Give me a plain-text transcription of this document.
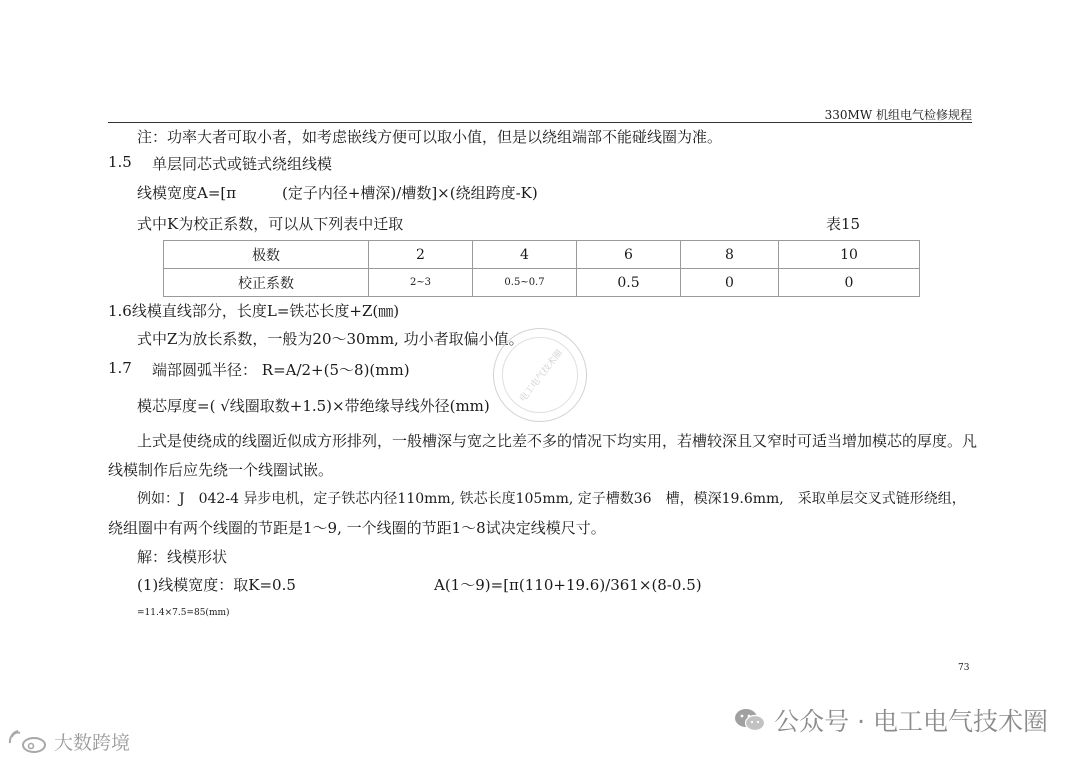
330MW 机组电气检修规程
注：功率大者可取小者，如考虑嵌线方便可以取小值，但是以绕组端部不能碰线圈为准。
1.5 单层同芯式或链式绕组线模
线模宽度A=[π	(定子内径+槽深)/槽数]×(绕组跨度-K)
式中K为校正系数，可以从下列表中迁取	表15
极数	2	4	6	8	10
校正系数	2~3	0.5~0.7	0.5	0	0
1.6线模直线部分，长度L=铁芯长度+Z(㎜)
式中Z为放长系数，一般为20～30mm, 功小者取偏小值。
1.7 端部圆弧半径： R=A/2+(5～8)(mm)	电工电气技术圈
模芯厚度=( √线圈取数+1.5)×带绝缘导线外径(mm)
上式是使绕成的线圈近似成方形排列，一般槽深与宽之比差不多的情况下均实用，若槽较深且又窄时可适当增加模芯的厚度。凡
线模制作后应先绕一个线圈试嵌。
例如：J　042-4 异步电机，定子铁芯内径110mm, 铁芯长度105mm, 定子槽数36　槽，模深19.6mm,　采取单层交叉式链形绕组，
绕组圈中有两个线圈的节距是1～9, 一个线圈的节距1～8试决定线模尺寸。
解：线模形状
(1)线模宽度：取K=0.5	A(1～9)=[π(110+19.6)/361×(8-0.5)
=11.4×7.5=85(mm)
73
公众号 · 电工电气技术圈
大数跨境
